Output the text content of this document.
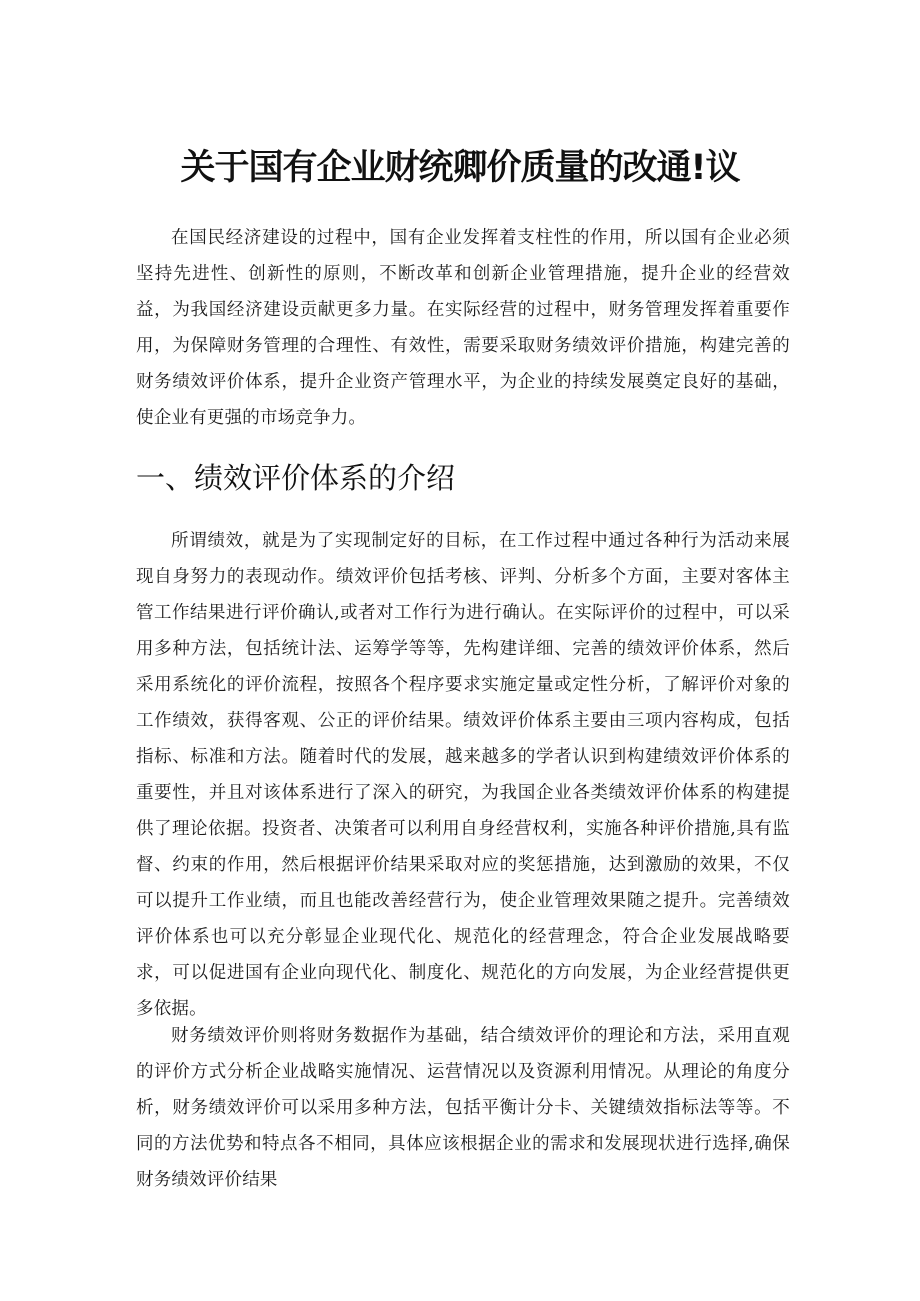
关于国有企业财统卿价质量的改通!议

在国民经济建设的过程中，国有企业发挥着支柱性的作用，所以国有企业必须坚持先进性、创新性的原则，不断改革和创新企业管理措施，提升企业的经营效益，为我国经济建设贡献更多力量。在实际经营的过程中，财务管理发挥着重要作用，为保障财务管理的合理性、有效性，需要采取财务绩效评价措施，构建完善的财务绩效评价体系，提升企业资产管理水平，为企业的持续发展奠定良好的基础，使企业有更强的市场竞争力。

一、绩效评价体系的介绍

所谓绩效，就是为了实现制定好的目标，在工作过程中通过各种行为活动来展现自身努力的表现动作。绩效评价包括考核、评判、分析多个方面，主要对客体主管工作结果进行评价确认,或者对工作行为进行确认。在实际评价的过程中，可以采用多种方法，包括统计法、运筹学等等，先构建详细、完善的绩效评价体系，然后采用系统化的评价流程，按照各个程序要求实施定量或定性分析，了解评价对象的工作绩效，获得客观、公正的评价结果。绩效评价体系主要由三项内容构成，包括指标、标准和方法。随着时代的发展，越来越多的学者认识到构建绩效评价体系的重要性，并且对该体系进行了深入的研究，为我国企业各类绩效评价体系的构建提供了理论依据。投资者、决策者可以利用自身经营权利，实施各种评价措施,具有监督、约束的作用，然后根据评价结果采取对应的奖惩措施，达到激励的效果，不仅可以提升工作业绩，而且也能改善经营行为，使企业管理效果随之提升。完善绩效评价体系也可以充分彰显企业现代化、规范化的经营理念，符合企业发展战略要求，可以促进国有企业向现代化、制度化、规范化的方向发展，为企业经营提供更多依据。

财务绩效评价则将财务数据作为基础，结合绩效评价的理论和方法，采用直观的评价方式分析企业战略实施情况、运营情况以及资源利用情况。从理论的角度分析，财务绩效评价可以采用多种方法，包括平衡计分卡、关键绩效指标法等等。不同的方法优势和特点各不相同，具体应该根据企业的需求和发展现状进行选择,确保财务绩效评价结果
